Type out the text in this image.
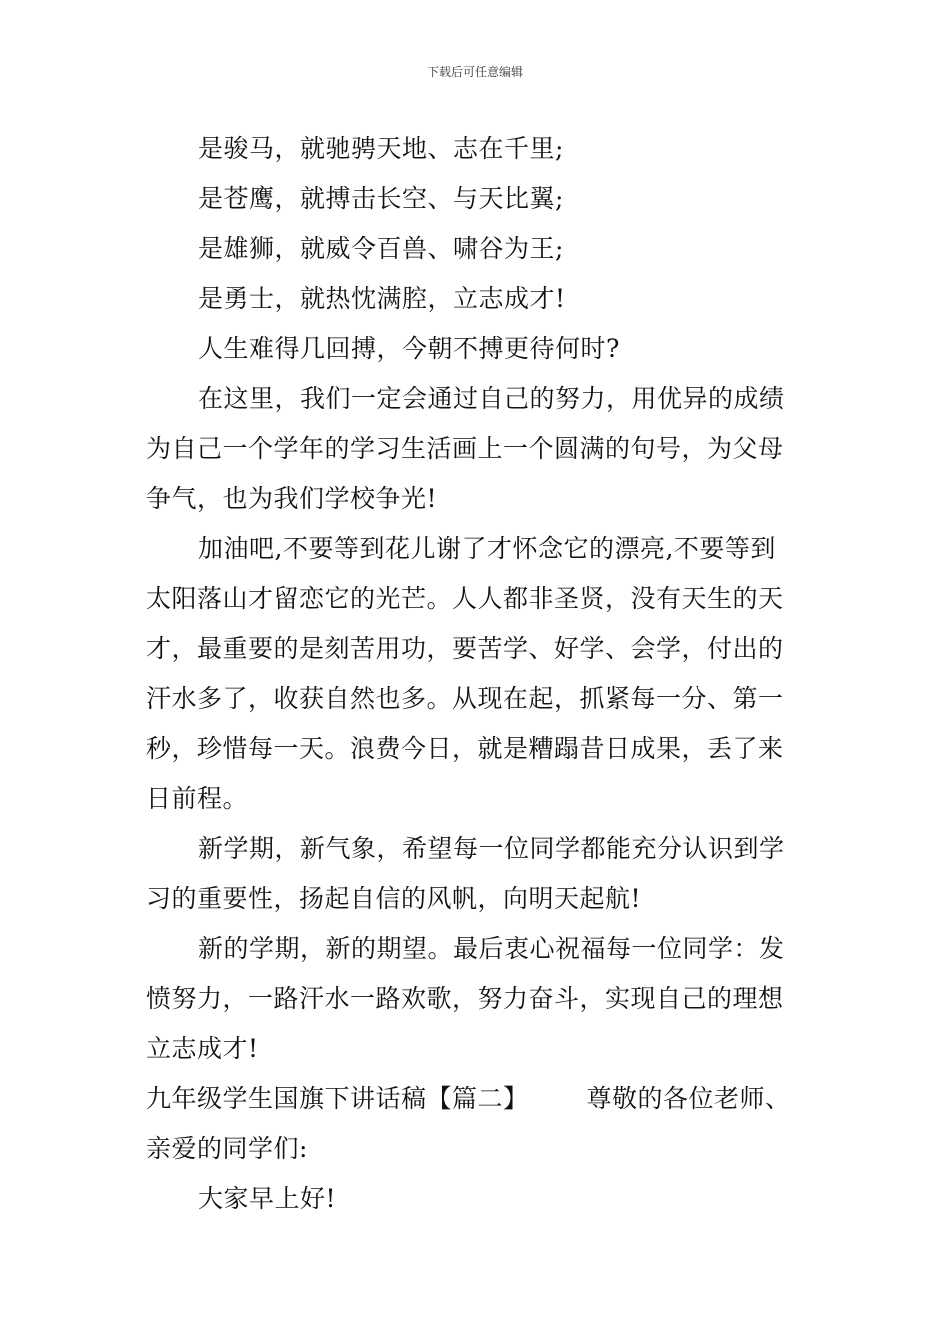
下载后可任意编辑
是骏马，就驰骋天地、志在千里;
是苍鹰，就搏击长空、与天比翼;
是雄狮，就威令百兽、啸谷为王;
是勇士，就热忱满腔，立志成才!
人生难得几回搏，今朝不搏更待何时?
在这里，我们一定会通过自己的努力，用优异的成绩
为自己一个学年的学习生活画上一个圆满的句号，为父母
争气，也为我们学校争光!
加油吧,不要等到花儿谢了才怀念它的漂亮,不要等到
太阳落山才留恋它的光芒。人人都非圣贤，没有天生的天
才，最重要的是刻苦用功，要苦学、好学、会学，付出的
汗水多了，收获自然也多。从现在起，抓紧每一分、第一
秒，珍惜每一天。浪费今日，就是糟蹋昔日成果，丢了来
日前程。
新学期，新气象，希望每一位同学都能充分认识到学
习的重要性，扬起自信的风帆，向明天起航!
新的学期，新的期望。最后衷心祝福每一位同学：发
愤努力，一路汗水一路欢歌，努力奋斗，实现自己的理想
立志成才!
九年级学生国旗下讲话稿【篇二】 尊敬的各位老师、
亲爱的同学们:
大家早上好!
